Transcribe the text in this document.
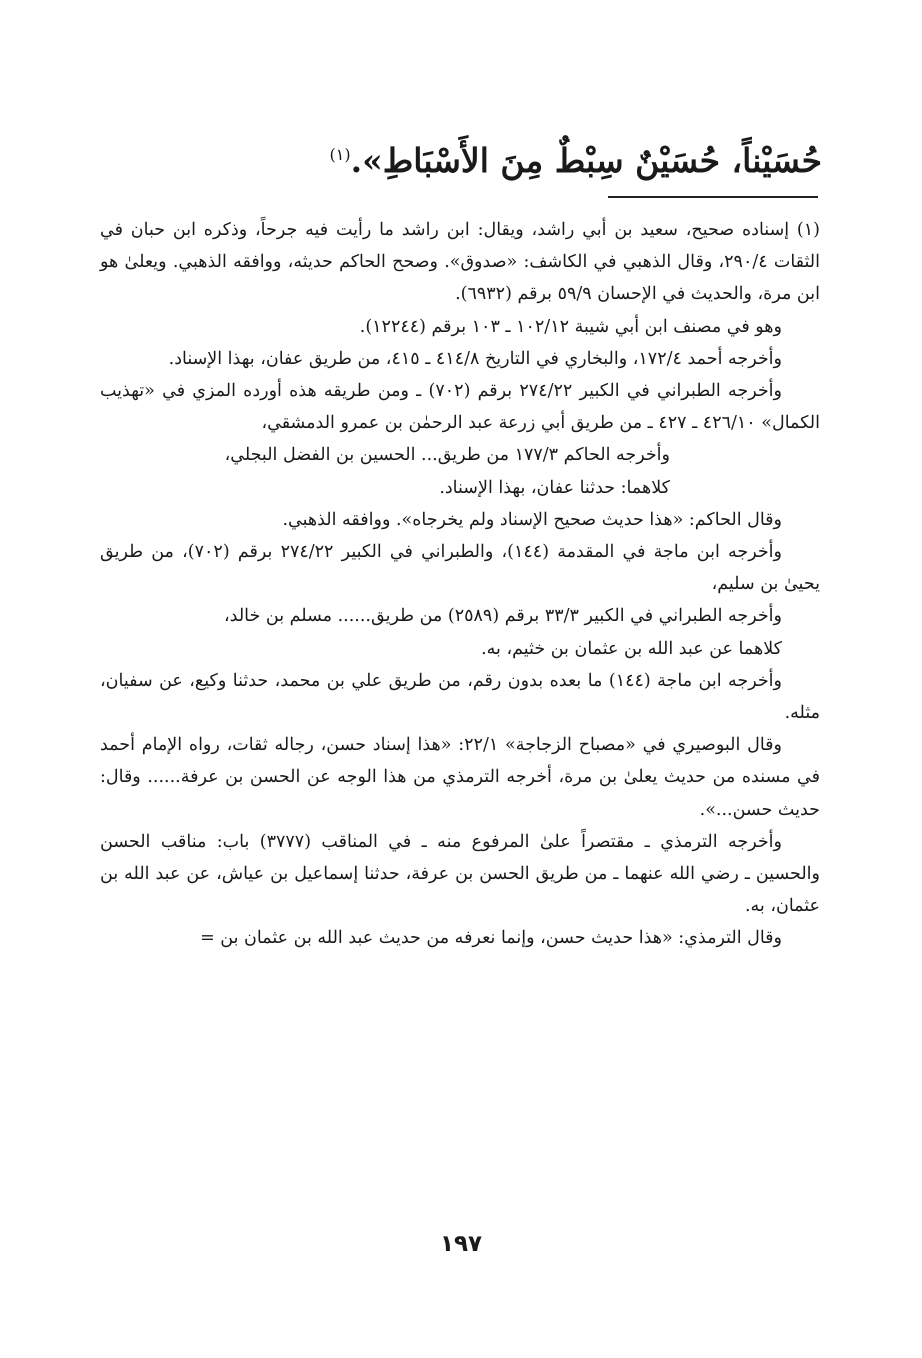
حُسَيْناً، حُسَيْنٌ سِبْطٌ مِنَ الأَسْبَاطِ».$^{(١)}$

(١) إسناده صحيح، سعيد بن أبي راشد، ويقال: ابن راشد ما رأيت فيه جرحاً، وذكره ابن حبان في الثقات ٢٩٠/٤، وقال الذهبي في الكاشف: «صدوق». وصحح الحاكم حديثه، ووافقه الذهبي. ويعلىٰ هو ابن مرة، والحديث في الإحسان ٥٩/٩ برقم (٦٩٣٢).

وهو في مصنف ابن أبي شيبة ١٠٢/١٢ ـ ١٠٣ برقم (١٢٢٤٤).

وأخرجه أحمد ١٧٢/٤، والبخاري في التاريخ ٤١٤/٨ ـ ٤١٥، من طريق عفان، بهذا الإسناد.

وأخرجه الطبراني في الكبير ٢٧٤/٢٢ برقم (٧٠٢) ـ ومن طريقه هذه أورده المزي في «تهذيب الكمال» ٤٢٦/١٠ ـ ٤٢٧ ـ من طريق أبي زرعة عبد الرحمٰن بن عمرو الدمشقي،

وأخرجه الحاكم ١٧٧/٣ من طريق... الحسين بن الفضل البجلي،

كلاهما: حدثنا عفان، بهذا الإسناد.

وقال الحاكم: «هذا حديث صحيح الإسناد ولم يخرجاه». ووافقه الذهبي.

وأخرجه ابن ماجة في المقدمة (١٤٤)، والطبراني في الكبير ٢٧٤/٢٢ برقم (٧٠٢)، من طريق يحيىٰ بن سليم،

وأخرجه الطبراني في الكبير ٣٣/٣ برقم (٢٥٨٩) من طريق...... مسلم بن خالد،

كلاهما عن عبد الله بن عثمان بن خثيم، به.

وأخرجه ابن ماجة (١٤٤) ما بعده بدون رقم، من طريق علي بن محمد، حدثنا وكيع، عن سفيان، مثله.

وقال البوصيري في «مصباح الزجاجة» ٢٢/١: «هذا إسناد حسن، رجاله ثقات، رواه الإمام أحمد في مسنده من حديث يعلىٰ بن مرة، أخرجه الترمذي من هذا الوجه عن الحسن بن عرفة...... وقال: حديث حسن...».

وأخرجه الترمذي ـ مقتصراً علىٰ المرفوع منه ـ في المناقب (٣٧٧٧) باب: مناقب الحسن والحسين ـ رضي الله عنهما ـ من طريق الحسن بن عرفة، حدثنا إسماعيل بن عياش، عن عبد الله بن عثمان، به.

وقال الترمذي: «هذا حديث حسن، وإنما نعرفه من حديث عبد الله بن عثمان بن =

١٩٧
